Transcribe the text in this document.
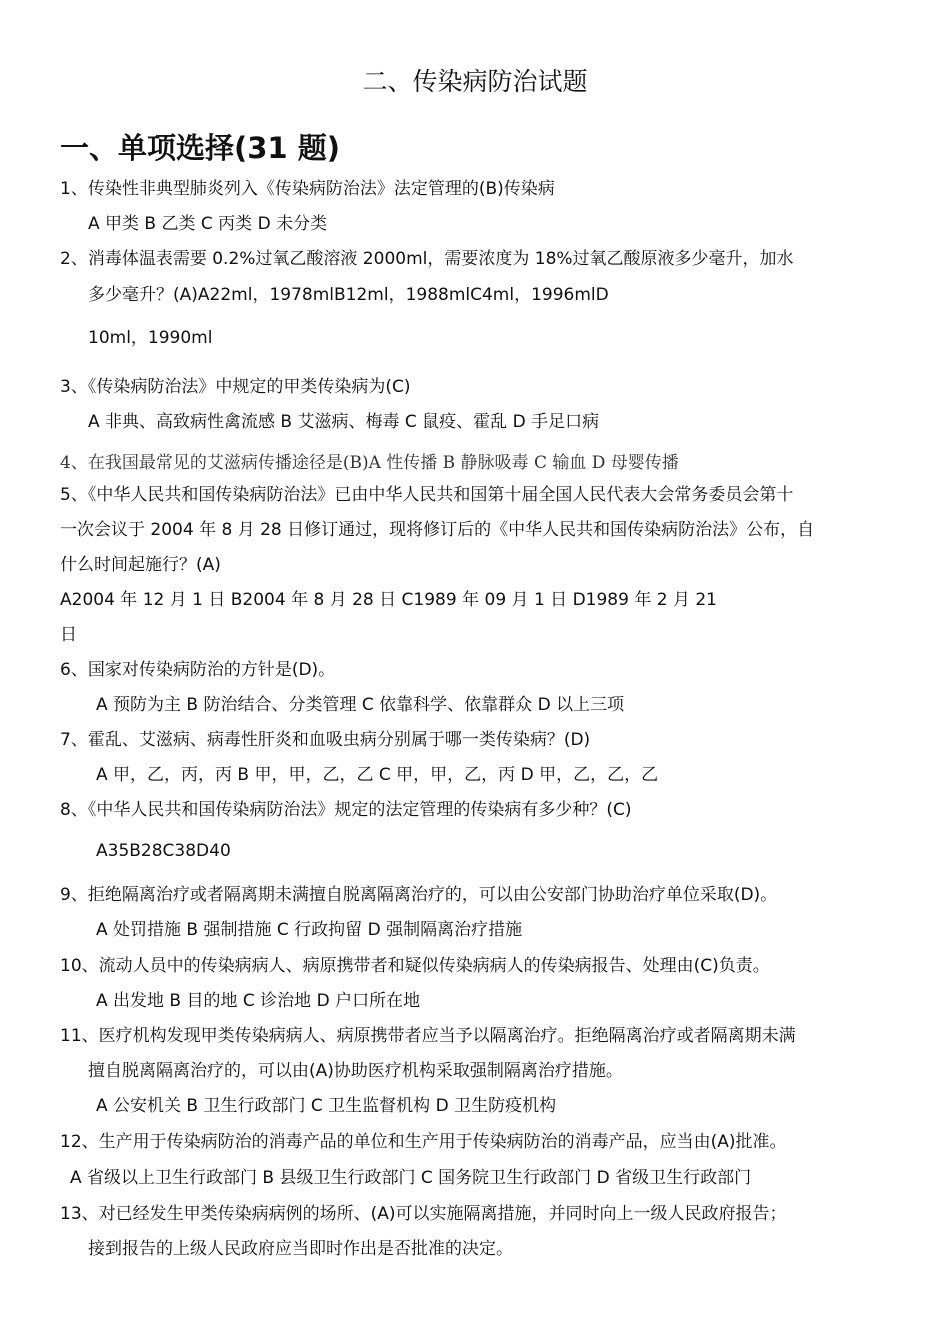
二、传染病防治试题
一、单项选择(31 题)
1、传染性非典型肺炎列入《传染病防治法》法定管理的(B)传染病
A 甲类 B 乙类 C 丙类 D 未分类
2、消毒体温表需要 0.2%过氧乙酸溶液 2000ml，需要浓度为 18%过氧乙酸原液多少毫升，加水
多少毫升？(A)A22ml，1978mlB12ml，1988mlC4ml，1996mlD
10ml，1990ml
3、《传染病防治法》中规定的甲类传染病为(C)
A 非典、高致病性禽流感 B 艾滋病、梅毒 C 鼠疫、霍乱 D 手足口病
4、在我国最常见的艾滋病传播途径是(B)A 性传播 B 静脉吸毒 C 输血 D 母婴传播
5、《中华人民共和国传染病防治法》已由中华人民共和国第十届全国人民代表大会常务委员会第十
一次会议于 2004 年 8 月 28 日修订通过，现将修订后的《中华人民共和国传染病防治法》公布，自
什么时间起施行？(A)
A2004 年 12 月 1 日 B2004 年 8 月 28 日 C1989 年 09 月 1 日 D1989 年 2 月 21
日
6、国家对传染病防治的方针是(D)。
A 预防为主 B 防治结合、分类管理 C 依靠科学、依靠群众 D 以上三项
7、霍乱、艾滋病、病毒性肝炎和血吸虫病分别属于哪一类传染病？(D)
A 甲，乙，丙，丙 B 甲，甲，乙，乙 C 甲，甲，乙，丙 D 甲，乙，乙，乙
8、《中华人民共和国传染病防治法》规定的法定管理的传染病有多少种？(C)
A35B28C38D40
9、拒绝隔离治疗或者隔离期未满擅自脱离隔离治疗的，可以由公安部门协助治疗单位采取(D)。
A 处罚措施 B 强制措施 C 行政拘留 D 强制隔离治疗措施
10、流动人员中的传染病病人、病原携带者和疑似传染病病人的传染病报告、处理由(C)负责。
A 出发地 B 目的地 C 诊治地 D 户口所在地
11、医疗机构发现甲类传染病病人、病原携带者应当予以隔离治疗。拒绝隔离治疗或者隔离期未满
擅自脱离隔离治疗的，可以由(A)协助医疗机构采取强制隔离治疗措施。
A 公安机关 B 卫生行政部门 C 卫生监督机构 D 卫生防疫机构
12、生产用于传染病防治的消毒产品的单位和生产用于传染病防治的消毒产品，应当由(A)批准。
A 省级以上卫生行政部门 B 县级卫生行政部门 C 国务院卫生行政部门 D 省级卫生行政部门
13、对已经发生甲类传染病病例的场所、(A)可以实施隔离措施，并同时向上一级人民政府报告；
接到报告的上级人民政府应当即时作出是否批准的决定。
